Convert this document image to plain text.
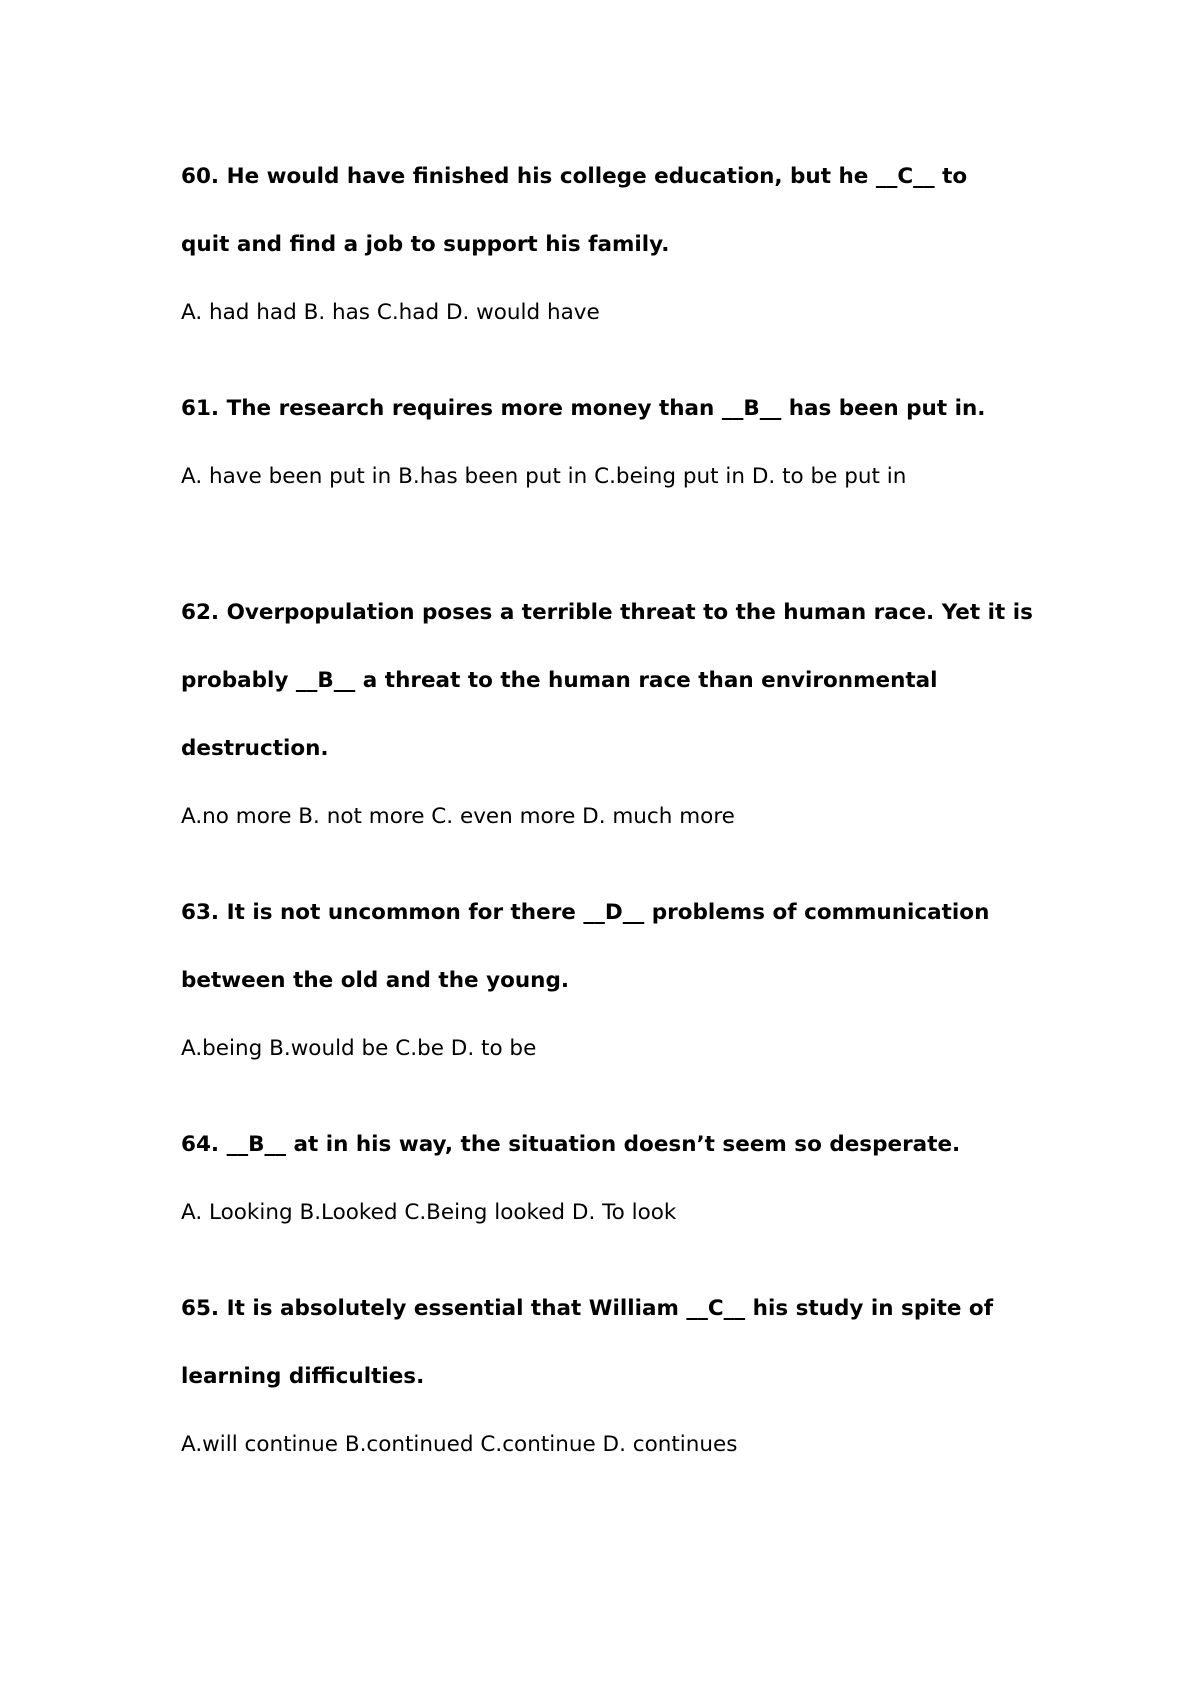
60. He would have finished his college education, but he __C__ to
quit and find a job to support his family.
A. had had B. has C.had D. would have
61. The research requires more money than __B__ has been put in.
A. have been put in B.has been put in C.being put in D. to be put in
62. Overpopulation poses a terrible threat to the human race. Yet it is
probably __B__ a threat to the human race than environmental
destruction.
A.no more B. not more C. even more D. much more
63. It is not uncommon for there __D__ problems of communication
between the old and the young.
A.being B.would be C.be D. to be
64. __B__ at in his way, the situation doesn’t seem so desperate.
A. Looking B.Looked C.Being looked D. To look
65. It is absolutely essential that William __C__ his study in spite of
learning difficulties.
A.will continue B.continued C.continue D. continues
